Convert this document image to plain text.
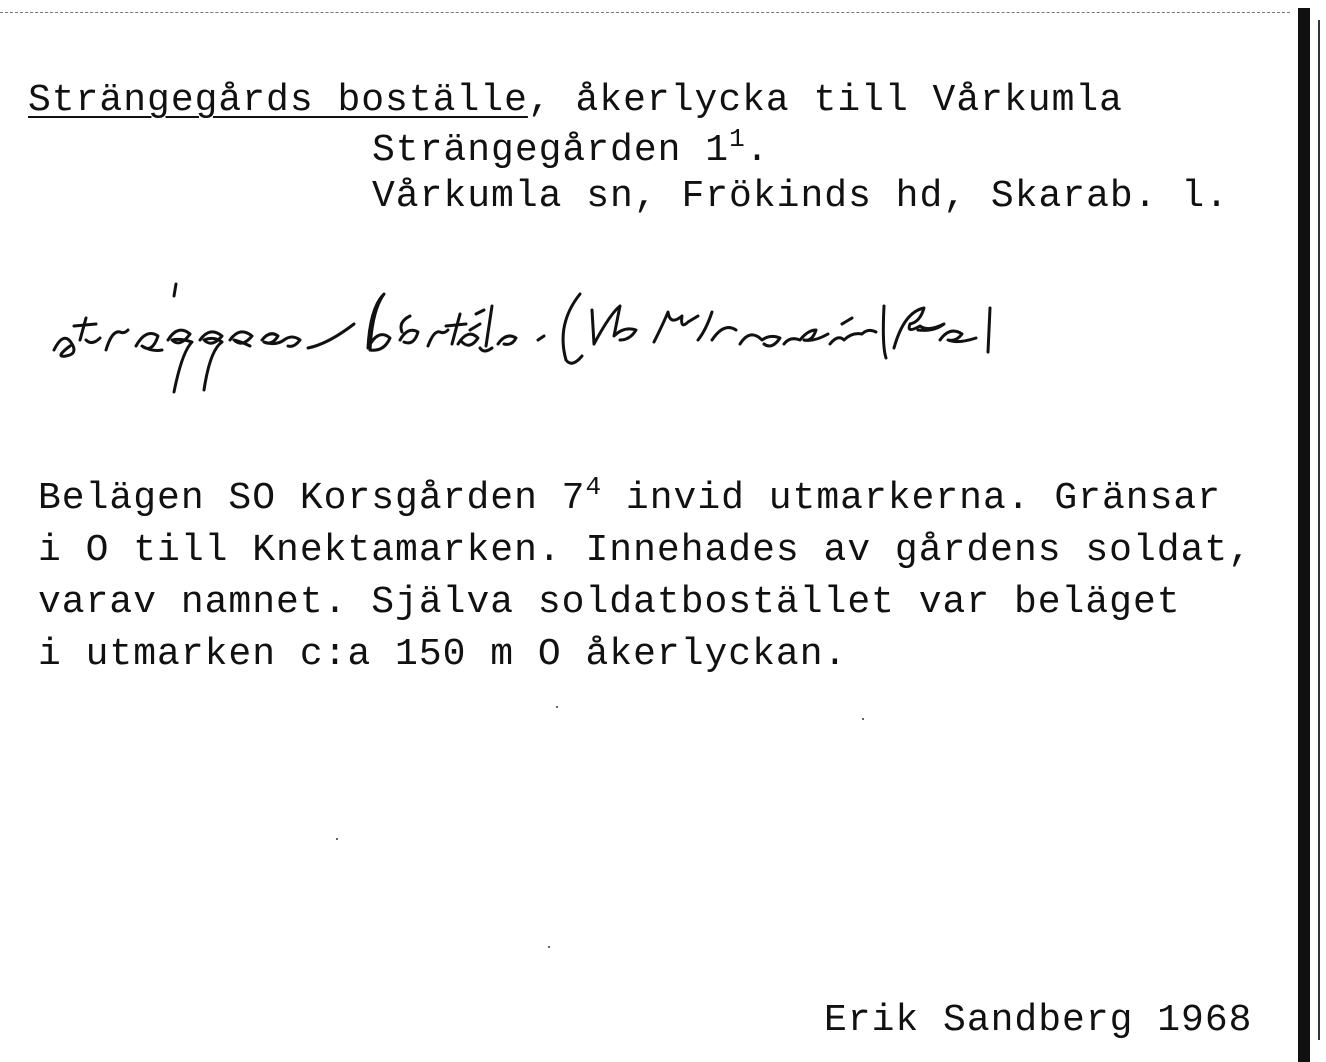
Strängegårds boställe, åkerlycka till Vårkumla
Strängegården $1^1$.
Vårkumla sn, Frökinds hd, Skarab. l.
Belägen SO Korsgården $7^4$ invid utmarkerna. Gränsar
i O till Knektamarken. Innehades av gårdens soldat,
varav namnet. Själva soldatbostället var beläget
i utmarken c:a 150 m O åkerlyckan.
Erik Sandberg 1968
